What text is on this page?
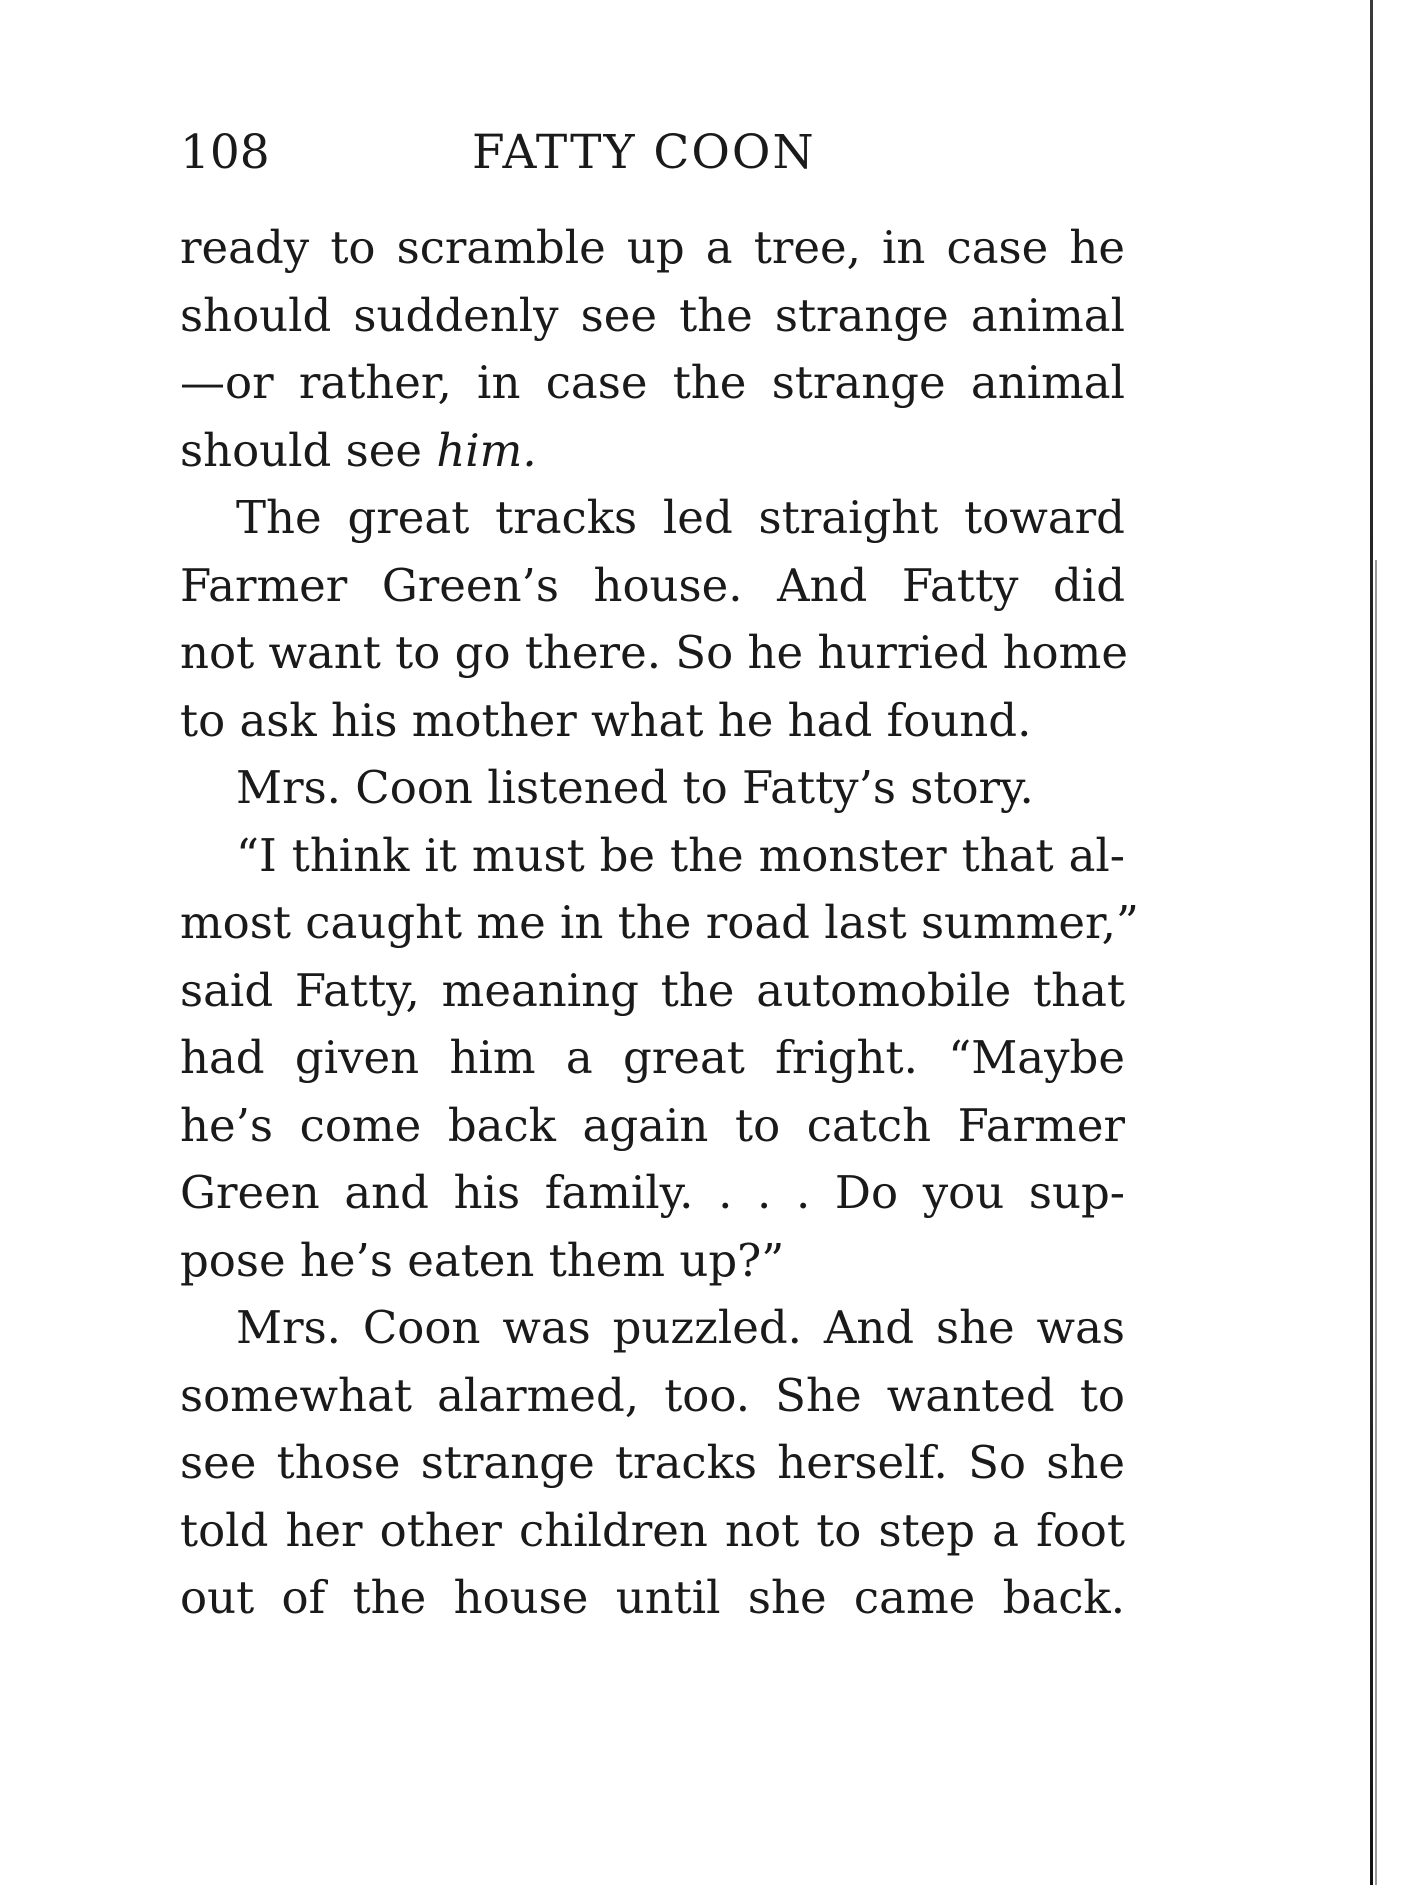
108	FATTY COON

ready to scramble up a tree, in case he
should suddenly see the strange animal
—or rather, in case the strange animal
should see him.

The great tracks led straight toward
Farmer Green’s house. And Fatty did
not want to go there. So he hurried home
to ask his mother what he had found.

Mrs. Coon listened to Fatty’s story.

“I think it must be the monster that al-
most caught me in the road last summer,”
said Fatty, meaning the automobile that
had given him a great fright. “Maybe
he’s come back again to catch Farmer
Green and his family. . . . Do you sup-
pose he’s eaten them up?”

Mrs. Coon was puzzled. And she was
somewhat alarmed, too. She wanted to
see those strange tracks herself. So she
told her other children not to step a foot
out of the house until she came back.
